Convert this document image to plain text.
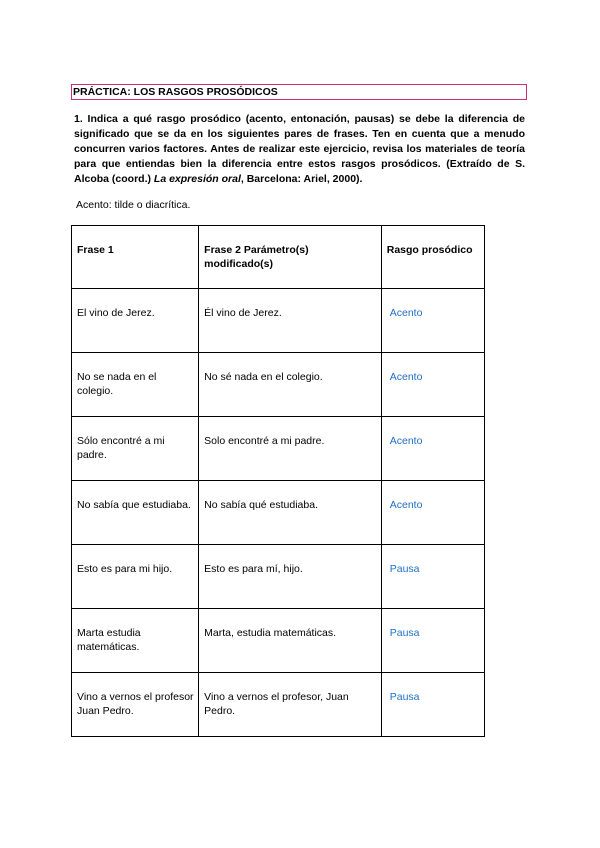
PRÁCTICA: LOS RASGOS PROSÓDICOS
1. Indica a qué rasgo prosódico (acento, entonación, pausas) se debe la diferencia de significado que se da en los siguientes pares de frases. Ten en cuenta que a menudo concurren varios factores. Antes de realizar este ejercicio, revisa los materiales de teoría para que entiendas bien la diferencia entre estos rasgos prosódicos. (Extraído de S. Alcoba (coord.) La expresión oral, Barcelona: Ariel, 2000).
Acento: tilde o diacrítica.
Frase 1	Frase 2 Parámetro(s) modificado(s)	Rasgo prosódico
El vino de Jerez.	Él vino de Jerez.	Acento
No se nada en el colegio.	No sé nada en el colegio.	Acento
Sólo encontré a mi padre.	Solo encontré a mi padre.	Acento
No sabía que estudiaba.	No sabía qué estudiaba.	Acento
Esto es para mi hijo.	Esto es para mí, hijo.	Pausa
Marta estudia matemáticas.	Marta, estudia matemáticas.	Pausa
Vino a vernos el profesor Juan Pedro.	Vino a vernos el profesor, Juan Pedro.	Pausa
